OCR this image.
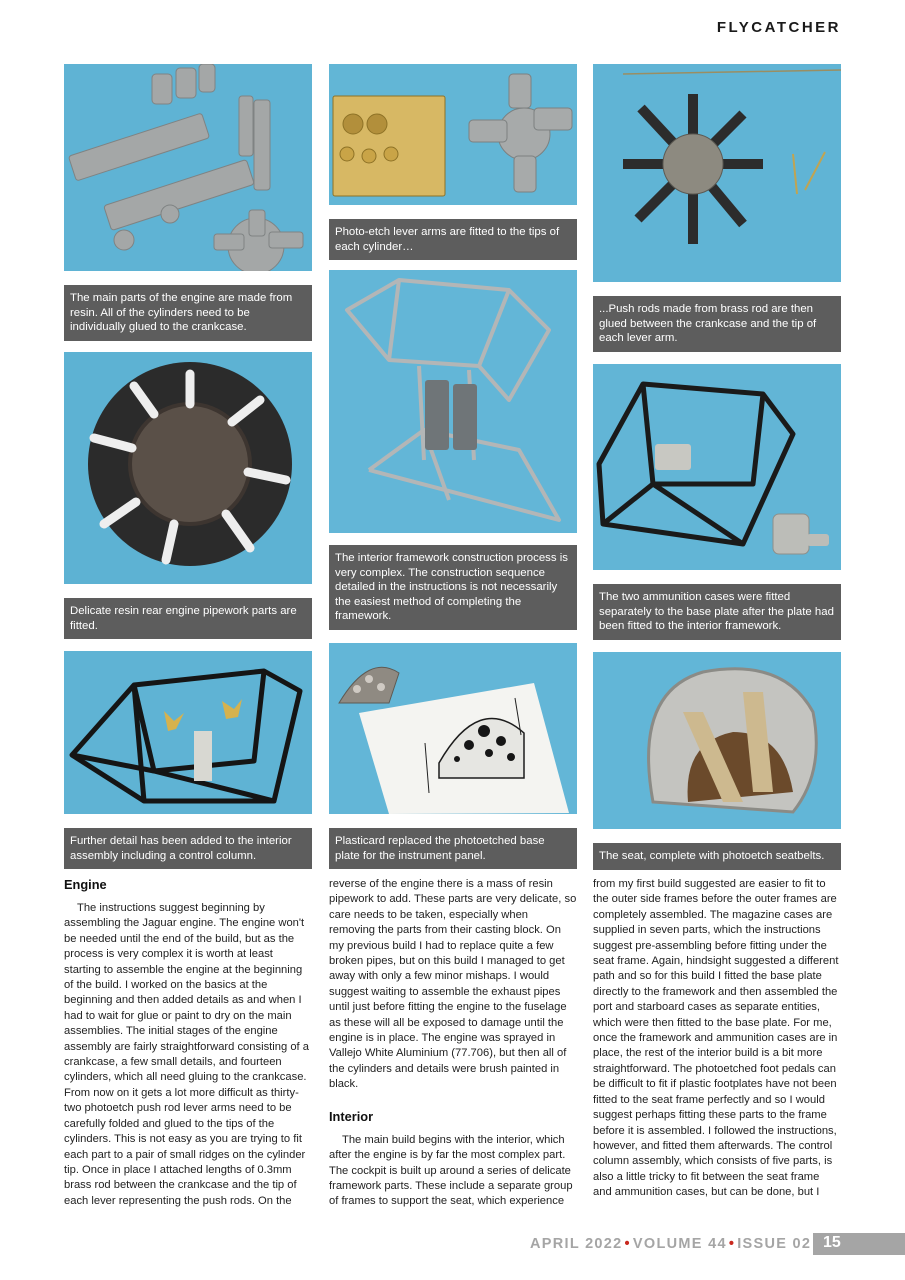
FLYCATCHER
The main parts of the engine are made from resin. All of the cylinders need to be individually glued to the crankcase.
Photo-etch lever arms are fitted to the tips of each cylinder…
...Push rods made from brass rod are then glued between the crankcase and the tip of each lever arm.
Delicate resin rear engine pipework parts are fitted.
The interior framework construction process is very complex. The construction sequence detailed in the instructions is not necessarily the easiest method of completing the framework.
The two ammunition cases were fitted separately to the base plate after the plate had been fitted to the interior framework.
Further detail has been added to the interior assembly including a control column.
Plasticard replaced the photoetched base plate for the instrument panel.	The seat, complete with photoetch seatbelts.
Engine

The instructions suggest beginning by assembling the Jaguar engine. The engine won't be needed until the end of the build, but as the process is very complex it is worth at least starting to assemble the engine at the beginning of the build. I worked on the basics at the beginning and then added details as and when I had to wait for glue or paint to dry on the main assemblies. The initial stages of the engine assembly are fairly straightforward consisting of a crankcase, a few small details, and fourteen cylinders, which all need gluing to the crankcase. From now on it gets a lot more difficult as thirty-two photoetch push rod lever arms need to be carefully folded and glued to the tips of the cylinders. This is not easy as you are trying to fit each part to a pair of small ridges on the cylinder tip. Once in place I attached lengths of 0.3mm brass rod between the crankcase and the tip of each lever representing the push rods. On the

reverse of the engine there is a mass of resin pipework to add. These parts are very delicate, so care needs to be taken, especially when removing the parts from their casting block. On my previous build I had to replace quite a few broken pipes, but on this build I managed to get away with only a few minor mishaps. I would suggest waiting to assemble the exhaust pipes until just before fitting the engine to the fuselage as these will all be exposed to damage until the engine is in place. The engine was sprayed in Vallejo White Aluminium (77.706), but then all of the cylinders and details were brush painted in black.

Interior

The main build begins with the interior, which after the engine is by far the most complex part. The cockpit is built up around a series of delicate framework parts. These include a separate group of frames to support the seat, which experience

from my first build suggested are easier to fit to the outer side frames before the outer frames are completely assembled. The magazine cases are supplied in seven parts, which the instructions suggest pre-assembling before fitting under the seat frame. Again, hindsight suggested a different path and so for this build I fitted the base plate directly to the framework and then assembled the port and starboard cases as separate entities, which were then fitted to the base plate. For me, once the framework and ammunition cases are in place, the rest of the interior build is a bit more straightforward. The photoetched foot pedals can be difficult to fit if plastic footplates have not been fitted to the seat frame perfectly and so I would suggest perhaps fitting these parts to the frame before it is assembled. I followed the instructions, however, and fitted them afterwards. The control column assembly, which consists of five parts, is also a little tricky to fit between the seat frame and ammunition cases, but can be done, but I

APRIL 2022 • VOLUME 44 • ISSUE 02 15
